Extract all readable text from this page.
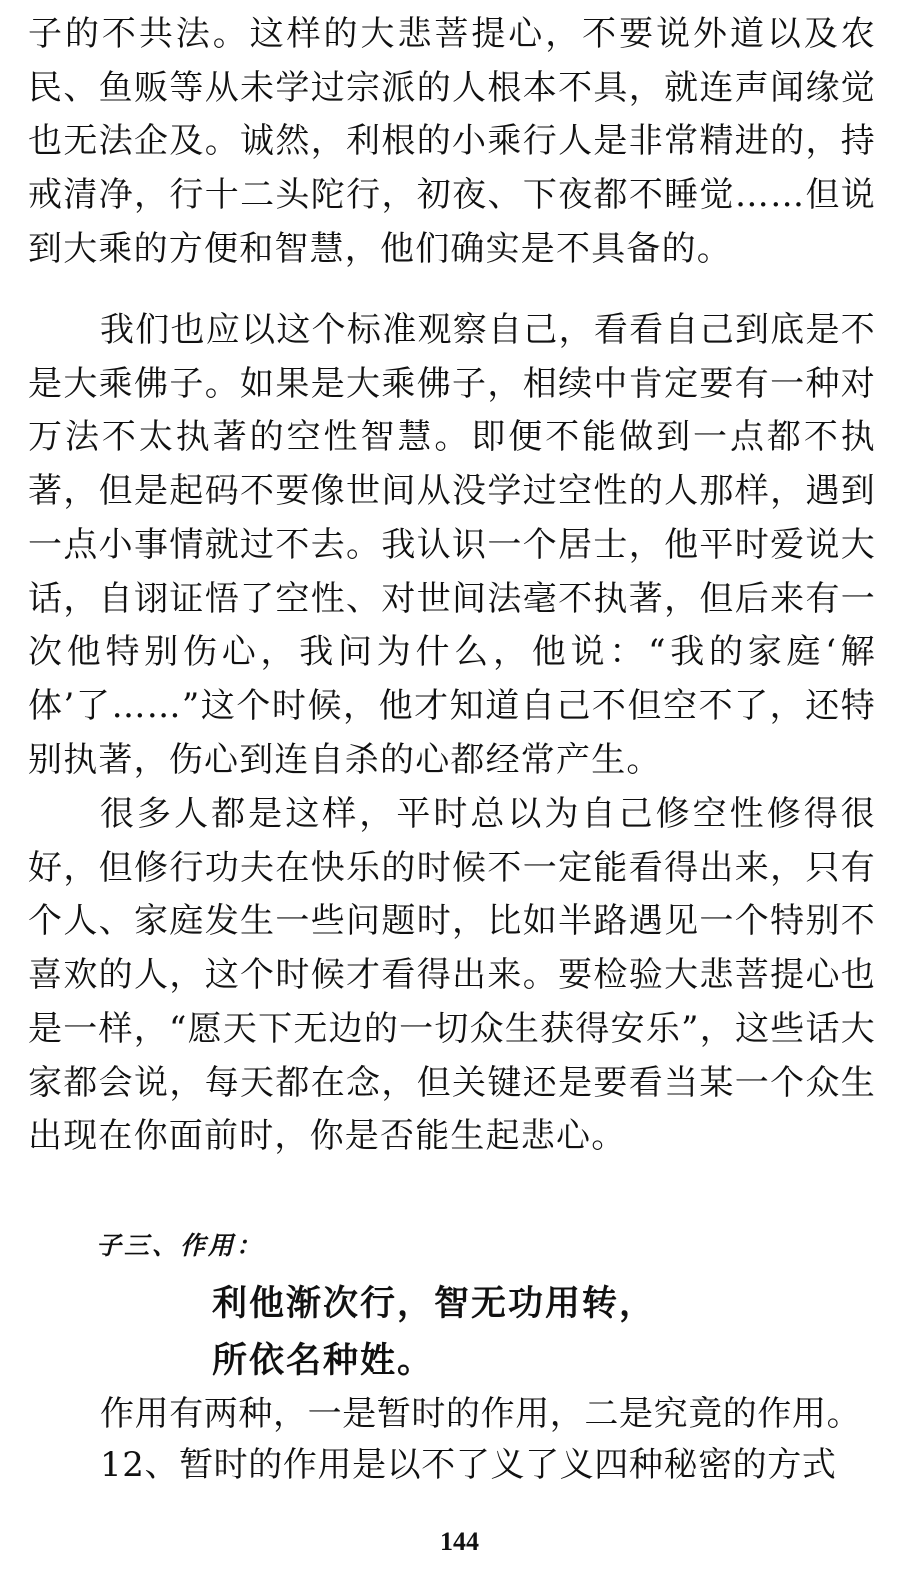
子的不共法。这样的大悲菩提心，不要说外道以及农民、鱼贩等从未学过宗派的人根本不具，就连声闻缘觉也无法企及。诚然，利根的小乘行人是非常精进的，持戒清净，行十二头陀行，初夜、下夜都不睡觉……但说到大乘的方便和智慧，他们确实是不具备的。

我们也应以这个标准观察自己，看看自己到底是不是大乘佛子。如果是大乘佛子，相续中肯定要有一种对万法不太执著的空性智慧。即便不能做到一点都不执著，但是起码不要像世间从没学过空性的人那样，遇到一点小事情就过不去。我认识一个居士，他平时爱说大话，自诩证悟了空性、对世间法毫不执著，但后来有一次他特别伤心，我问为什么，他说：“我的家庭‘解体’了……”这个时候，他才知道自己不但空不了，还特别执著，伤心到连自杀的心都经常产生。

很多人都是这样，平时总以为自己修空性修得很好，但修行功夫在快乐的时候不一定能看得出来，只有个人、家庭发生一些问题时，比如半路遇见一个特别不喜欢的人，这个时候才看得出来。要检验大悲菩提心也是一样，“愿天下无边的一切众生获得安乐”，这些话大家都会说，每天都在念，但关键还是要看当某一个众生出现在你面前时，你是否能生起悲心。

子三、作用：

利他渐次行，智无功用转，

所依名种姓。

作用有两种，一是暂时的作用，二是究竟的作用。

12、暂时的作用是以不了义了义四种秘密的方式

144
